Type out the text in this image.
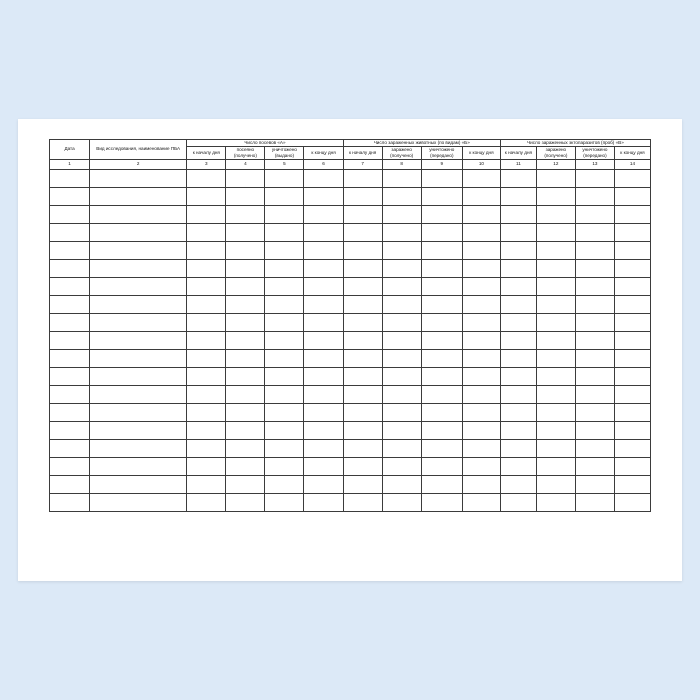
Дата	Вид исследования, наименование ПБА	Число посевов «А»				Число зараженных животных (по видам) «Б»				Число зараженных эктопаразитов (проб) «В»			
		к началу дня	посеяно (получено)	уничтожено (выдано)	к концу дня	к началу дня	заражено (получено)	уничтожено (передано)	к концу дня	к началу дня	заражено (получено)	уничтожено (передано)	к концу дня
1	2	3	4	5	6	7	8	9	10	11	12	13	14
